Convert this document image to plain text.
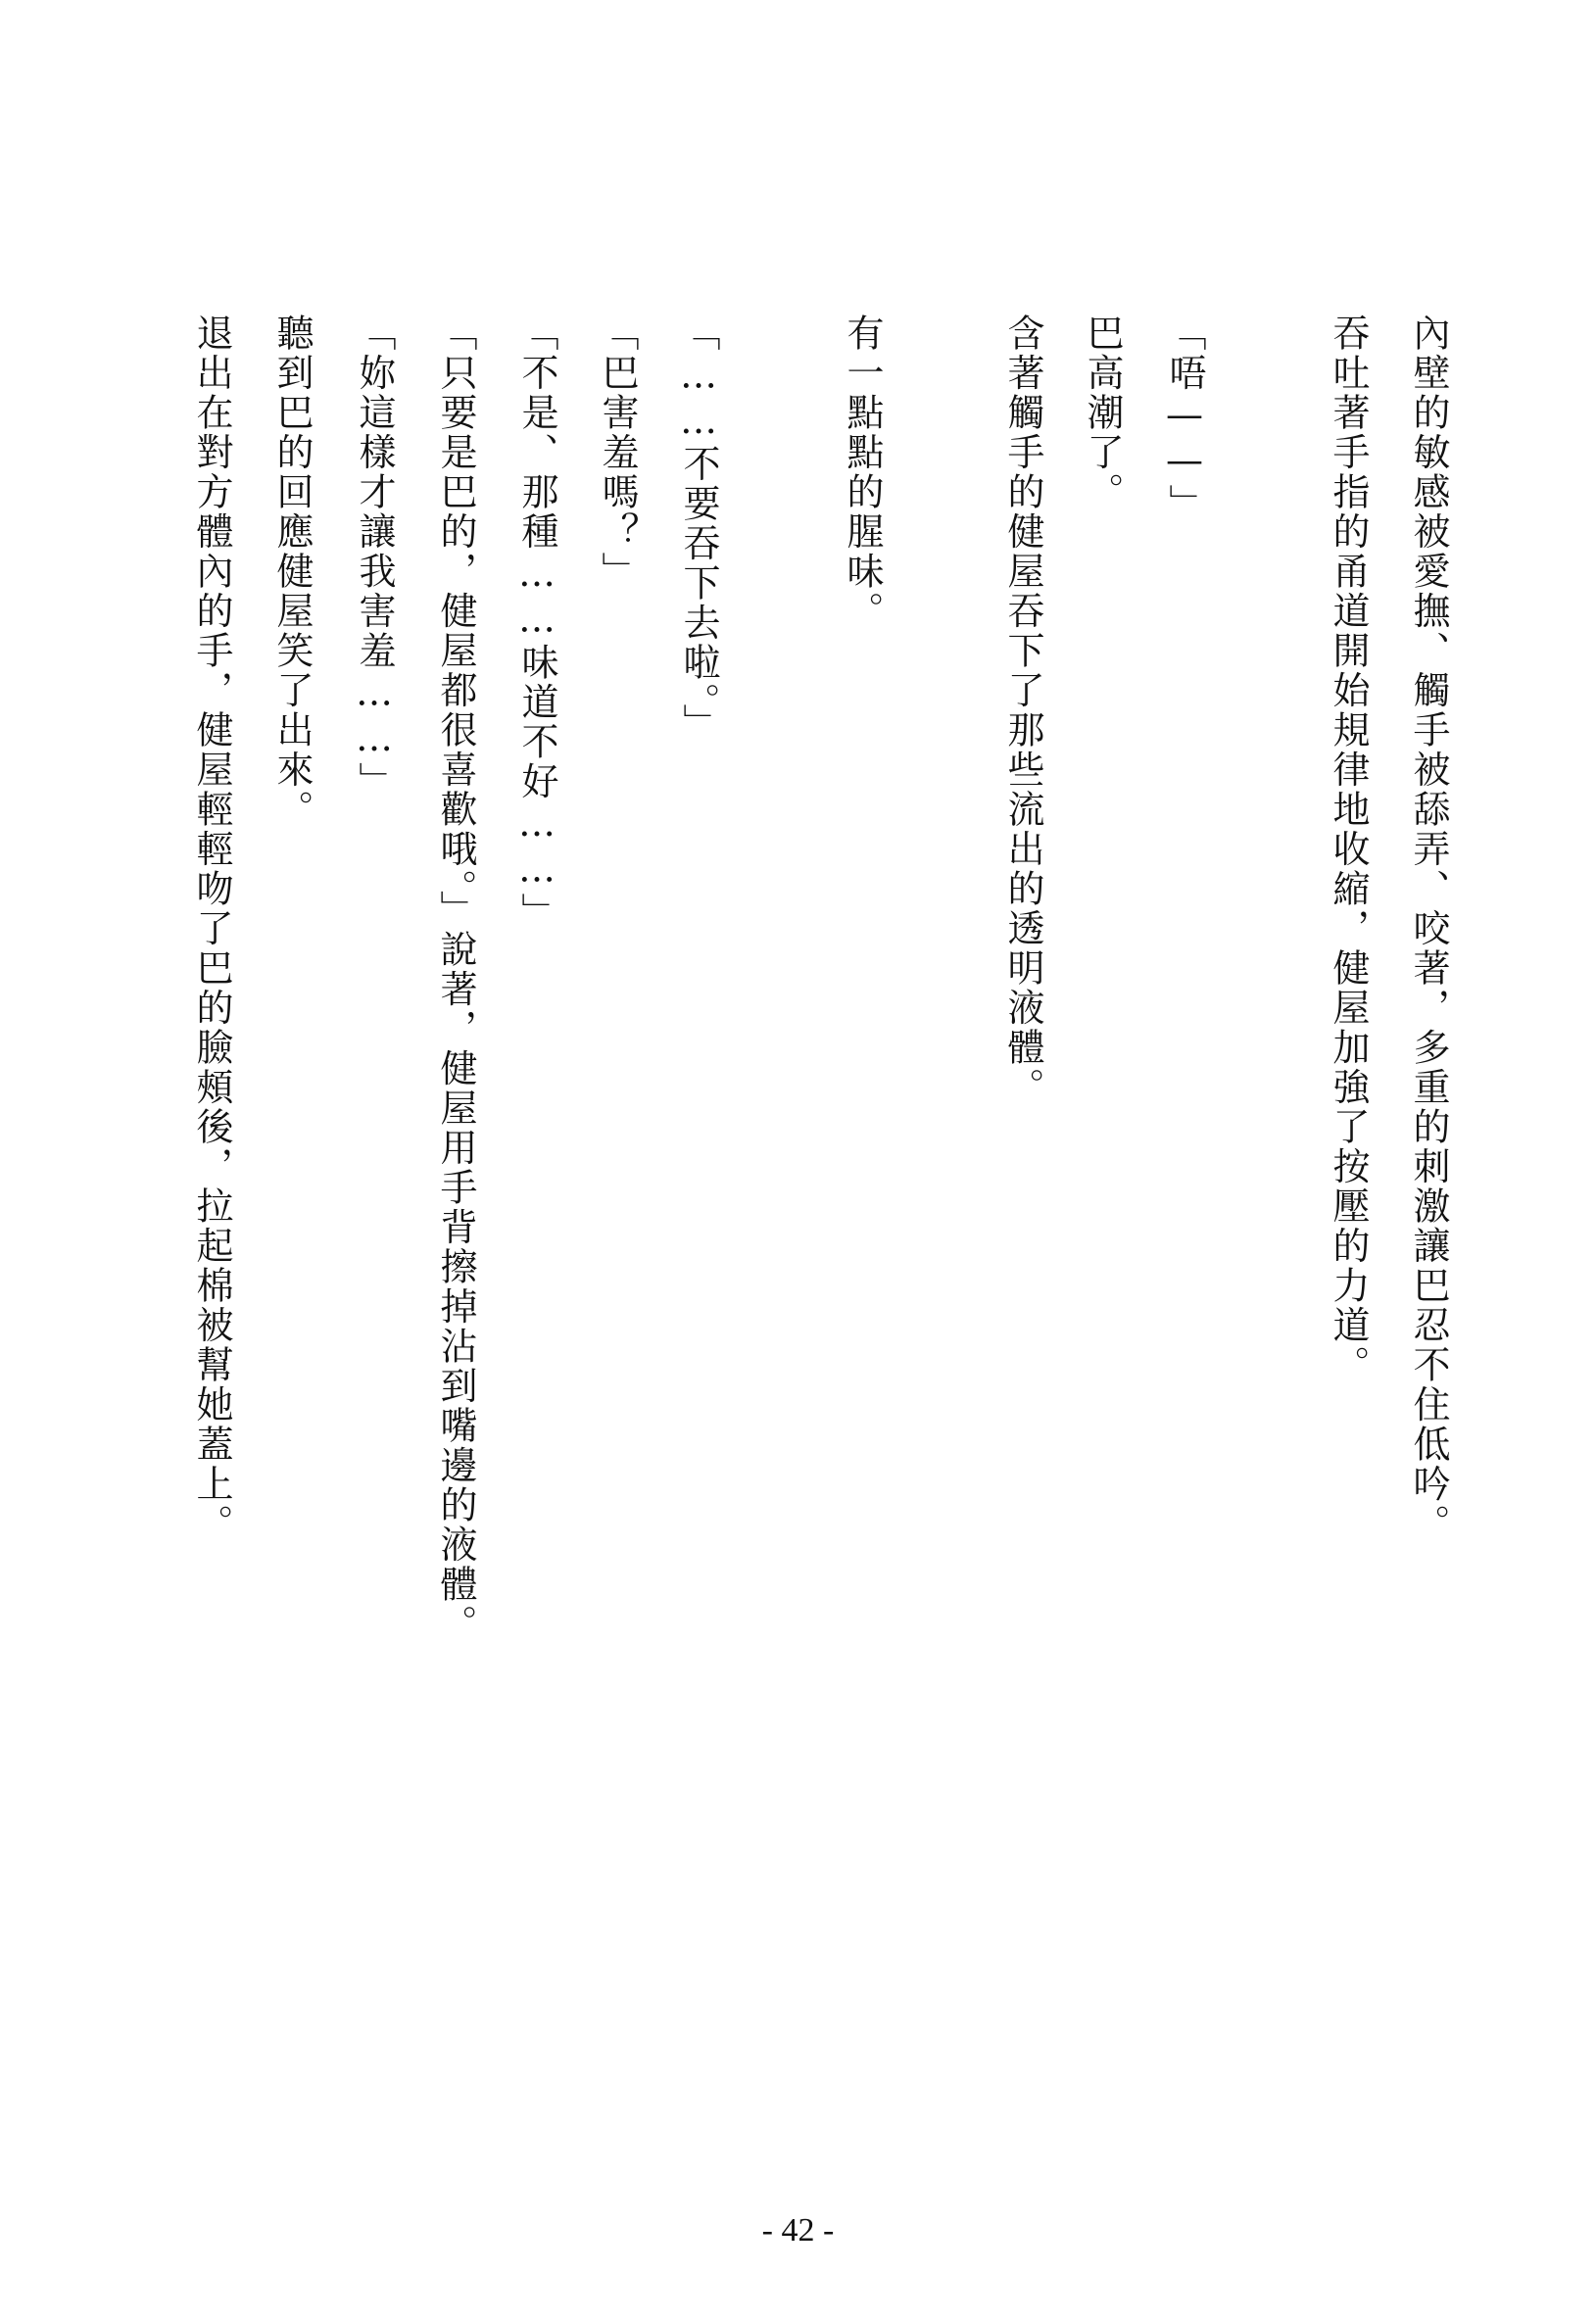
內壁的敏感被愛撫、觸手被舔弄、咬著，多重的刺激讓巴忍不住低吟。
吞吐著手指的甬道開始規律地收縮，健屋加強了按壓的力道。
「唔——」
巴高潮了。
含著觸手的健屋吞下了那些流出的透明液體。
有一點點的腥味。
「……不要吞下去啦。」
「巴害羞嗎？」
「不是、那種……味道不好……」
「只要是巴的，健屋都很喜歡哦。」說著，健屋用手背擦掉沾到嘴邊的液體。
「妳這樣才讓我害羞……」
聽到巴的回應健屋笑了出來。
退出在對方體內的手，健屋輕輕吻了巴的臉頰後，拉起棉被幫她蓋上。
- 42 -
